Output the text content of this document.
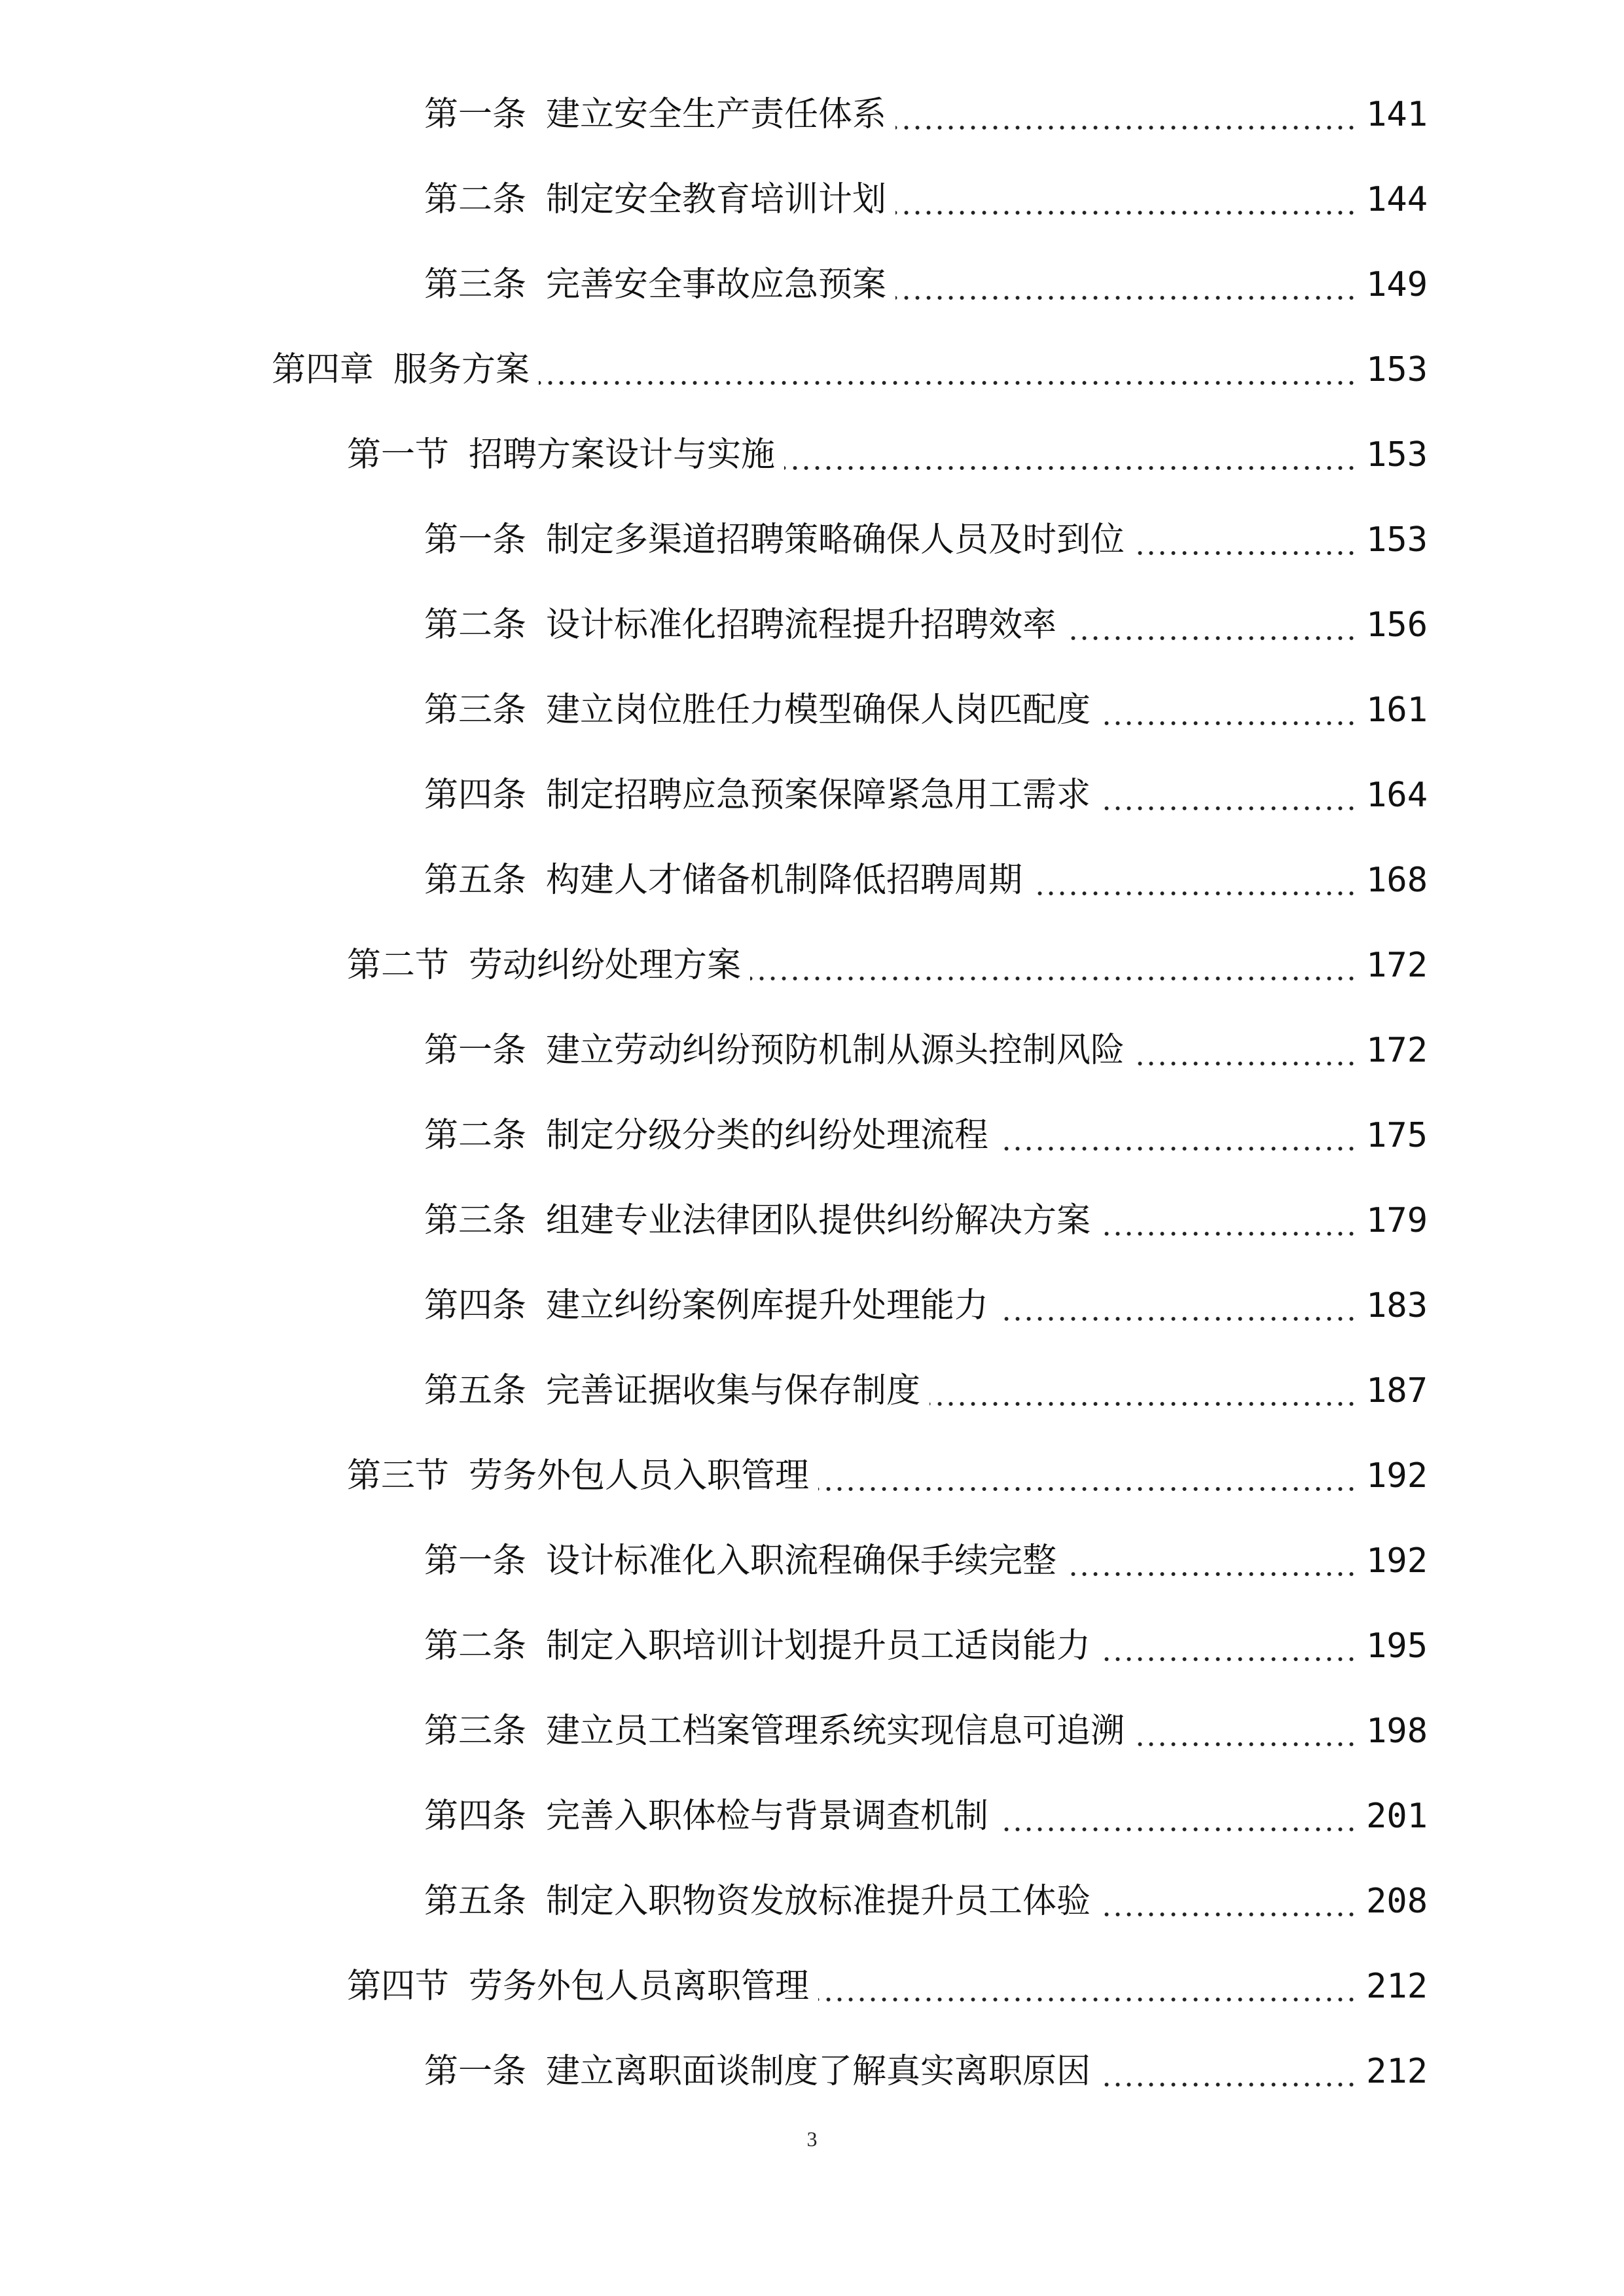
第一条 建立安全生产责任体系	141
第二条 制定安全教育培训计划	144
第三条 完善安全事故应急预案	149
第四章 服务方案	153
第一节 招聘方案设计与实施	153
第一条 制定多渠道招聘策略确保人员及时到位	153
第二条 设计标准化招聘流程提升招聘效率	156
第三条 建立岗位胜任力模型确保人岗匹配度	161
第四条 制定招聘应急预案保障紧急用工需求	164
第五条 构建人才储备机制降低招聘周期	168
第二节 劳动纠纷处理方案	172
第一条 建立劳动纠纷预防机制从源头控制风险	172
第二条 制定分级分类的纠纷处理流程	175
第三条 组建专业法律团队提供纠纷解决方案	179
第四条 建立纠纷案例库提升处理能力	183
第五条 完善证据收集与保存制度	187
第三节 劳务外包人员入职管理	192
第一条 设计标准化入职流程确保手续完整	192
第二条 制定入职培训计划提升员工适岗能力	195
第三条 建立员工档案管理系统实现信息可追溯	198
第四条 完善入职体检与背景调查机制	201
第五条 制定入职物资发放标准提升员工体验	208
第四节 劳务外包人员离职管理	212
第一条 建立离职面谈制度了解真实离职原因	212
3
